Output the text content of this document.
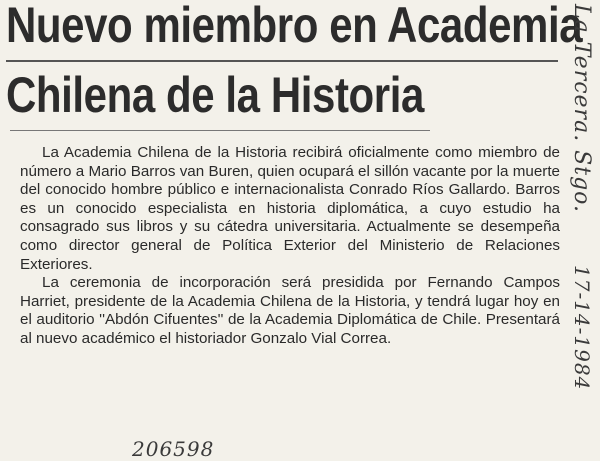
Nuevo miembro en Academia
Chilena de la Historia

La Academia Chilena de la Historia recibirá oficialmente como miembro de número a Mario Barros van Buren, quien ocupará el sillón vacante por la muerte del conocido hombre público e internacionalista Conrado Ríos Gallardo. Barros es un conocido especialista en historia diplomática, a cuyo estudio ha consagrado sus libros y su cátedra universitaria. Actualmente se desempeña como director general de Política Exterior del Ministerio de Relaciones Exteriores.

La ceremonia de incorporación será presidida por Fernando Campos Harriet, presidente de la Academia Chilena de la Historia, y tendrá lugar hoy en el auditorio ''Abdón Cifuentes'' de la Academia Diplomática de Chile. Presentará al nuevo académico el historiador Gonzalo Vial Correa.

La Tercera. Stgo.
17-14-1984
206598
